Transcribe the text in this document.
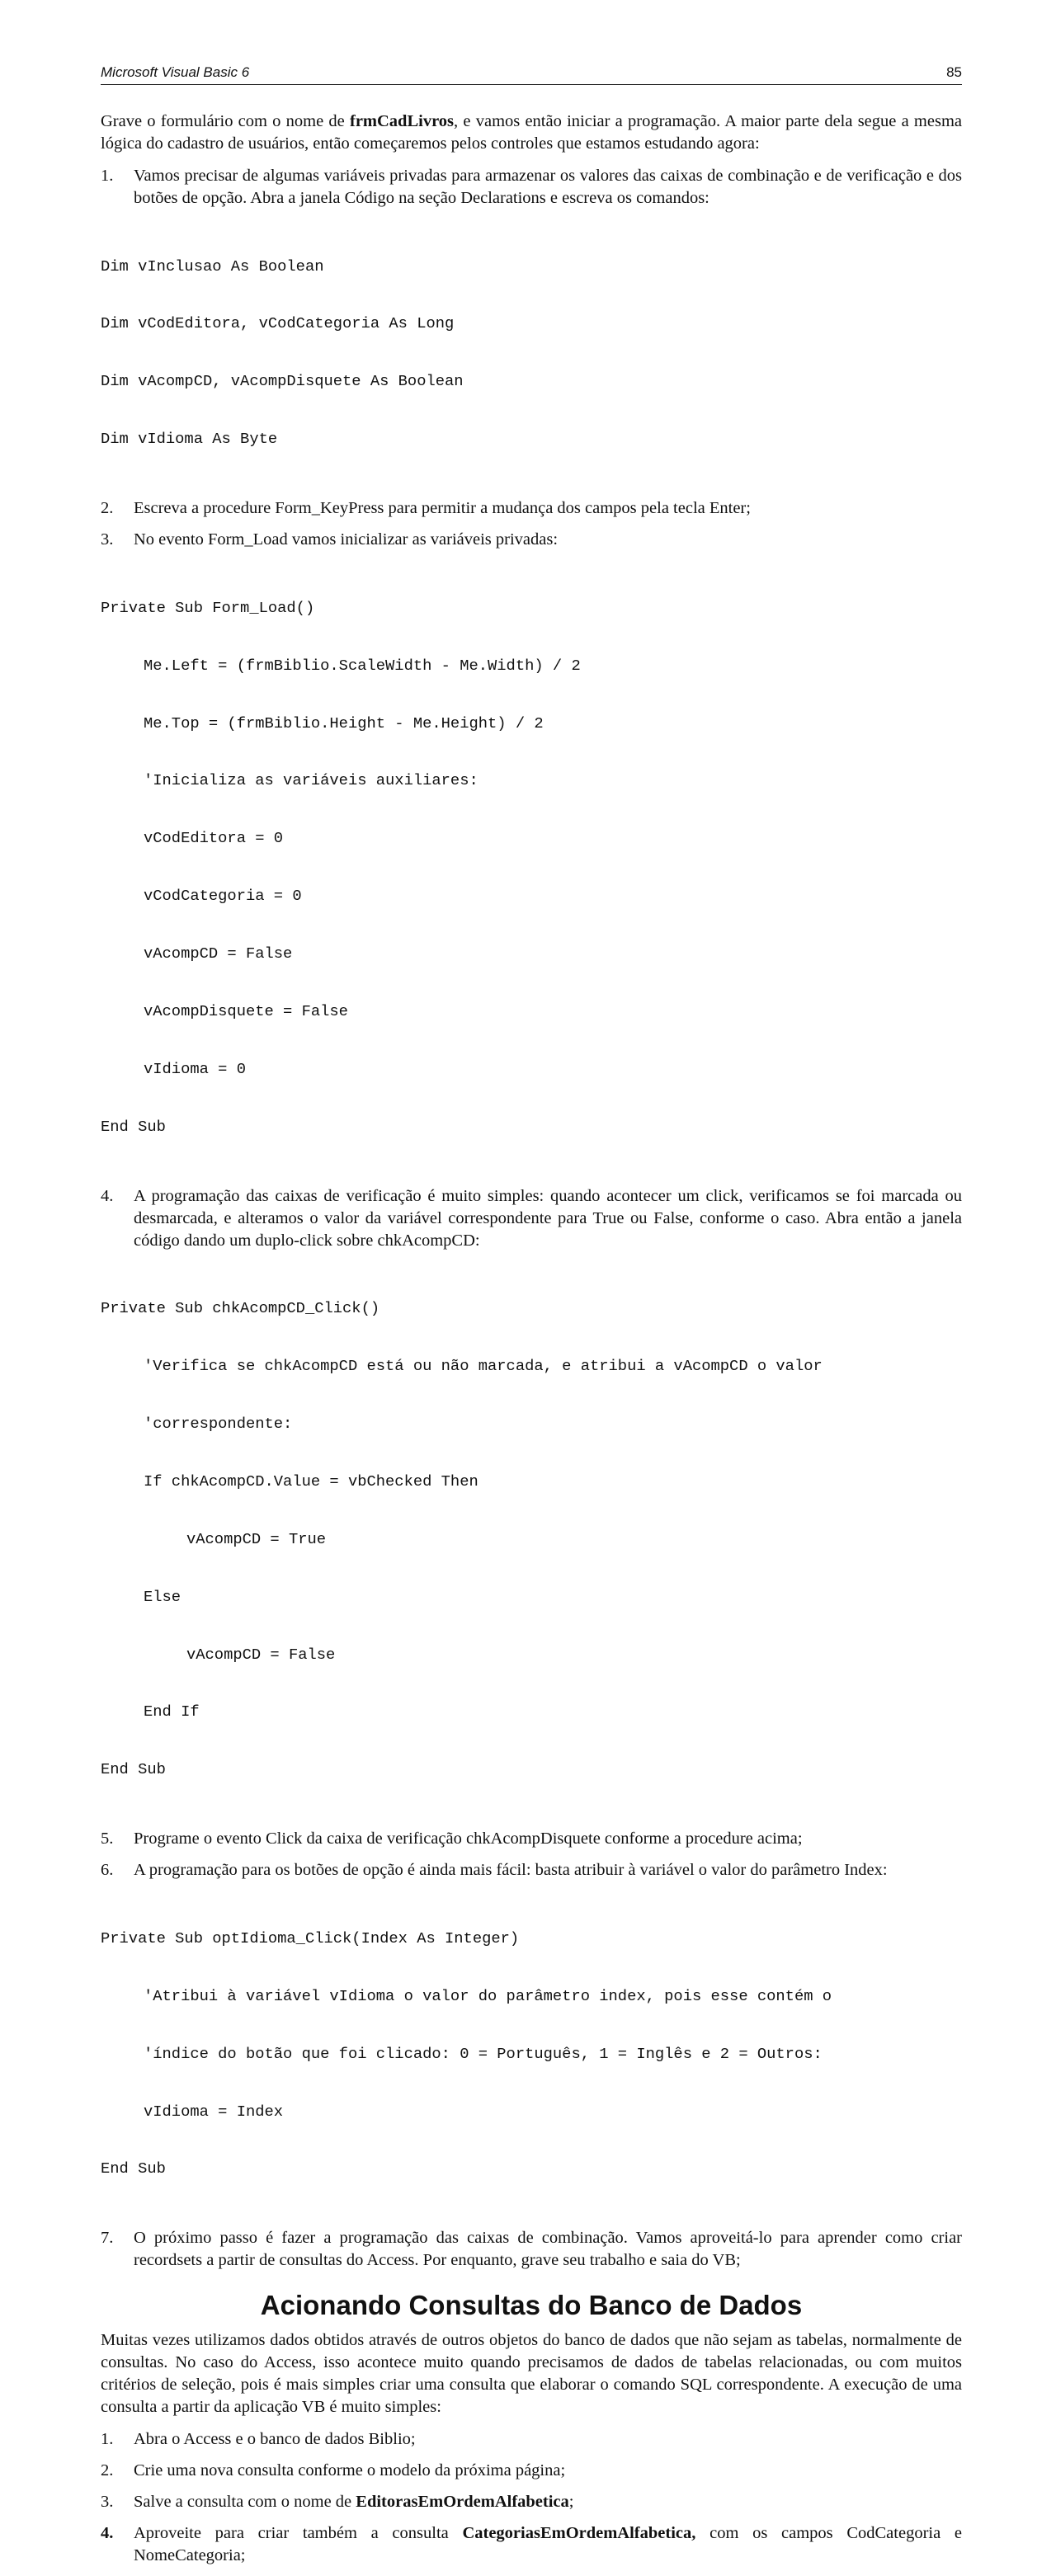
Microsoft Visual Basic 6	85

Grave o formulário com o nome de frmCadLivros, e vamos então iniciar a programação. A maior parte dela segue a mesma lógica do cadastro de usuários, então começaremos pelos controles que estamos estudando agora:

1. Vamos precisar de algumas variáveis privadas para armazenar os valores das caixas de combinação e de verificação e dos botões de opção. Abra a janela Código na seção Declarations e escreva os comandos:

Dim vInclusao As Boolean

Dim vCodEditora, vCodCategoria As Long

Dim vAcompCD, vAcompDisquete As Boolean

Dim vIdioma As Byte

2. Escreva a procedure Form_KeyPress para permitir a mudança dos campos pela tecla Enter;
3. No evento Form_Load vamos inicializar as variáveis privadas:

Private Sub Form_Load()

Me.Left = (frmBiblio.ScaleWidth - Me.Width) / 2

Me.Top = (frmBiblio.Height - Me.Height) / 2

'Inicializa as variáveis auxiliares:

vCodEditora = 0

vCodCategoria = 0

vAcompCD = False

vAcompDisquete = False

vIdioma = 0

End Sub

4. A programação das caixas de verificação é muito simples: quando acontecer um click, verificamos se foi marcada ou desmarcada, e alteramos o valor da variável correspondente para True ou False, conforme o caso. Abra então a janela código dando um duplo-click sobre chkAcompCD:

Private Sub chkAcompCD_Click()

'Verifica se chkAcompCD está ou não marcada, e atribui a vAcompCD o valor

'correspondente:

If chkAcompCD.Value = vbChecked Then

vAcompCD = True

Else

vAcompCD = False

End If

End Sub

5. Programe o evento Click da caixa de verificação chkAcompDisquete conforme a procedure acima;
6. A programação para os botões de opção é ainda mais fácil: basta atribuir à variável o valor do parâmetro Index:

Private Sub optIdioma_Click(Index As Integer)

'Atribui à variável vIdioma o valor do parâmetro index, pois esse contém o

'índice do botão que foi clicado: 0 = Português, 1 = Inglês e 2 = Outros:

vIdioma = Index

End Sub

7. O próximo passo é fazer a programação das caixas de combinação. Vamos aproveitá-lo para aprender como criar recordsets a partir de consultas do Access. Por enquanto, grave seu trabalho e saia do VB;
Acionando Consultas do Banco de Dados

Muitas vezes utilizamos dados obtidos através de outros objetos do banco de dados que não sejam as tabelas, normalmente de consultas. No caso do Access, isso acontece muito quando precisamos de dados de tabelas relacionadas, ou com muitos critérios de seleção, pois é mais simples criar uma consulta que elaborar o comando SQL correspondente. A execução de uma consulta a partir da aplicação VB é muito simples:

1. Abra o Access e o banco de dados Biblio;
2. Crie uma nova consulta conforme o modelo da próxima página;
3. Salve a consulta com o nome de EditorasEmOrdemAlfabetica;
4. Aproveite para criar também a consulta CategoriasEmOrdemAlfabetica, com os campos CodCategoria e NomeCategoria;
